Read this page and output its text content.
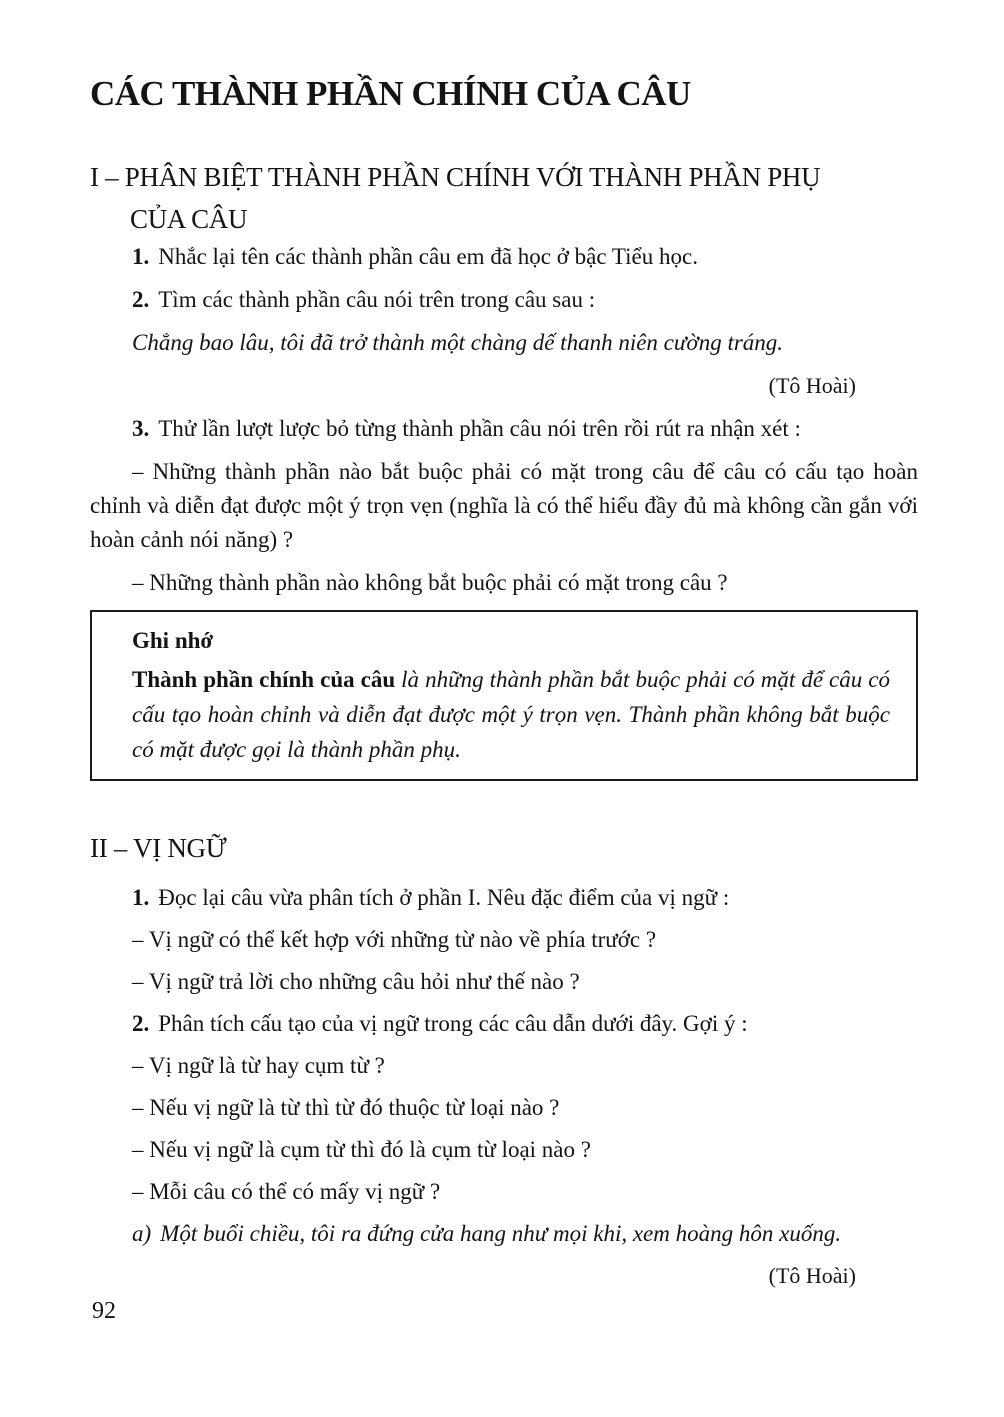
CÁC THÀNH PHẦN CHÍNH CỦA CÂU
I – PHÂN BIỆT THÀNH PHẦN CHÍNH VỚI THÀNH PHẦN PHỤ
CỦA CÂU

1. Nhắc lại tên các thành phần câu em đã học ở bậc Tiểu học.

2. Tìm các thành phần câu nói trên trong câu sau :

Chẳng bao lâu, tôi đã trở thành một chàng dế thanh niên cường tráng.

(Tô Hoài)

3. Thử lần lượt lược bỏ từng thành phần câu nói trên rồi rút ra nhận xét :

– Những thành phần nào bắt buộc phải có mặt trong câu để câu có cấu tạo hoàn chỉnh và diễn đạt được một ý trọn vẹn (nghĩa là có thể hiểu đầy đủ mà không cần gắn với hoàn cảnh nói năng) ?

– Những thành phần nào không bắt buộc phải có mặt trong câu ?

Ghi nhớ

Thành phần chính của câu là những thành phần bắt buộc phải có mặt để câu có cấu tạo hoàn chỉnh và diễn đạt được một ý trọn vẹn. Thành phần không bắt buộc có mặt được gọi là thành phần phụ.

II – VỊ NGỮ

1. Đọc lại câu vừa phân tích ở phần I. Nêu đặc điểm của vị ngữ :

– Vị ngữ có thể kết hợp với những từ nào về phía trước ?

– Vị ngữ trả lời cho những câu hỏi như thế nào ?

2. Phân tích cấu tạo của vị ngữ trong các câu dẫn dưới đây. Gợi ý :

– Vị ngữ là từ hay cụm từ ?

– Nếu vị ngữ là từ thì từ đó thuộc từ loại nào ?

– Nếu vị ngữ là cụm từ thì đó là cụm từ loại nào ?

– Mỗi câu có thể có mấy vị ngữ ?

a) Một buổi chiều, tôi ra đứng cửa hang như mọi khi, xem hoàng hôn xuống.

(Tô Hoài)

92
